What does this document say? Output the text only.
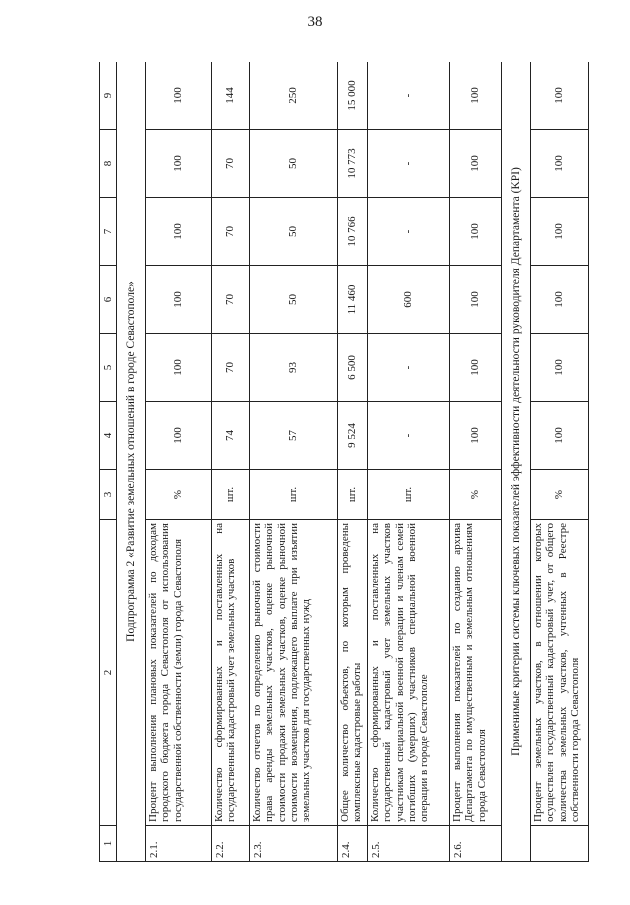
38
1	2	3	4	5	6	7	8	9
Подпрограмма 2 «Развитие земельных отношений в городе Севастополе»								
2.1.	Процент выполнения плановых показателей по доходам городского бюджета города Севастополя от использования государственной собственности (земли) города Севастополя	%	100	100	100	100	100	100
2.2.	Количество сформированных и поставленных на государственный кадастровый учет земельных участков	шт.	74	70	70	70	70	144
2.3.	Количество отчетов по определению рыночной стоимости права аренды земельных участков, оценке рыночной стоимости продажи земельных участков, оценке рыночной стоимости возмещения, подлежащего выплате при изъятии земельных участков для государственных нужд	шт.	57	93	50	50	50	250
2.4.	Общее количество объектов, по которым проведены комплексные кадастровые работы	шт.	9 524	6 500	11 460	10 766	10 773	15 000
2.5.	Количество сформированных и поставленных на государственный кадастровый учет земельных участков участникам специальной военной операции и членам семей погибших (умерших) участников специальной военной операции в городе Севастополе	шт.	-	-	600	-	-	-
2.6.	Процент выполнения показателей по созданию архива Департамента по имущественным и земельным отношениям города Севастополя	%	100	100	100	100	100	100
Применимые критерии системы ключевых показателей эффективности деятельности руководителя Департамента (KPI)								
	Процент земельных участков, в отношении которых осуществлен государственный кадастровый учет, от общего количества земельных участков, учтенных в Реестре собственности города Севастополя	%	100	100	100	100	100	100
